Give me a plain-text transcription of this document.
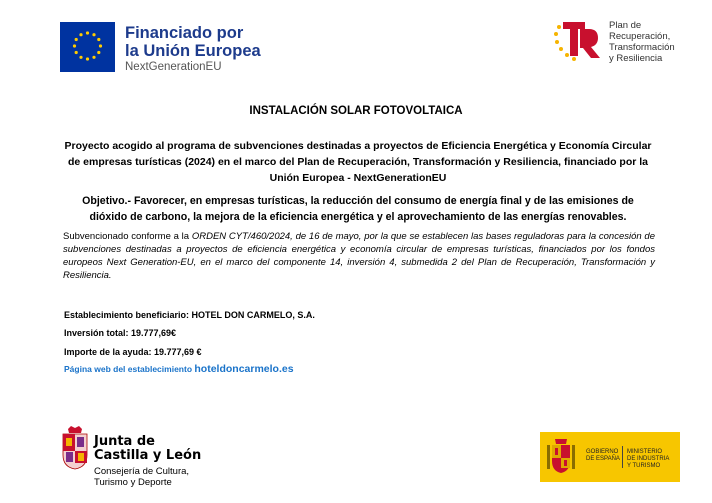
Financiado por
la Unión Europea
NextGenerationEU
Plan de
Recuperación,
Transformación
y Resiliencia
INSTALACIÓN SOLAR FOTOVOLTAICA
Proyecto acogido al programa de subvenciones destinadas a proyectos de Eficiencia Energética y Economía Circular de empresas turísticas (2024) en el marco del Plan de Recuperación, Transformación y Resiliencia, financiado por la Unión Europea - NextGenerationEU
Objetivo.- Favorecer, en empresas turísticas, la reducción del consumo de energía final y de las emisiones de dióxido de carbono, la mejora de la eficiencia energética y el aprovechamiento de las energías renovables.
Subvencionado conforme a la ORDEN CYT/460/2024, de 16 de mayo, por la que se establecen las bases reguladoras para la concesión de subvenciones destinadas a proyectos de eficiencia energética y economía circular de empresas turísticas, financiados por los fondos europeos Next Generation-EU, en el marco del componente 14, inversión 4, submedida 2 del Plan de Recuperación, Transformación y Resiliencia.
Establecimiento beneficiario: HOTEL DON CARMELO, S.A.
Inversión total: 19.777,69€
Importe de la ayuda: 19.777,69 €
Página web del establecimiento hoteldoncarmelo.es
Junta de
Castilla y León
Consejería de Cultura,
Turismo y Deporte
GOBIERNO
DE ESPAÑA
MINISTERIO
DE INDUSTRIA
Y TURISMO
